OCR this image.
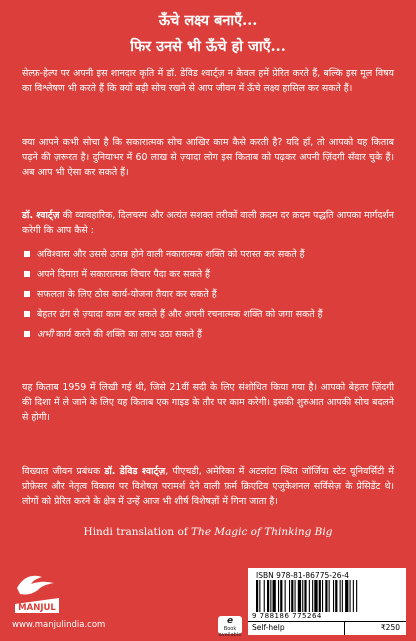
ऊँचे लक्ष्य बनाएँ...
फिर उनसे भी ऊँचे हो जाएँ...

सेल्फ़-हेल्प पर अपनी इस शानदार कृति में डॉ. डेविड श्वार्ट्ज़ न केवल हमें प्रेरित करते हैं, बल्कि इस मूल विषय का विश्लेषण भी करते हैं कि क्यों बड़ी सोच रखने से आप जीवन में ऊँचे लक्ष्य हासिल कर सकते हैं।

क्या आपने कभी सोचा है कि सकारात्मक सोच आखिर काम कैसे करती है? यदि हाँ, तो आपको यह किताब पढ़ने की ज़रूरत है। दुनियाभर में 60 लाख से ज़्यादा लोग इस किताब को पढ़कर अपनी ज़िंदगी सँवार चुके हैं। अब आप भी ऐसा कर सकते हैं।

डॉ. श्वार्ट्ज़ की व्यावहारिक, दिलचस्प और अत्यंत सशक्त तरीकों वाली क़दम दर क़दम पद्धति आपका मार्गदर्शन करेगी कि आप कैसे :

अविश्वास और उससे उत्पन्न होने वाली नकारात्मक शक्ति को परास्त कर सकते हैं
अपने दिमाग़ में सकारात्मक विचार पैदा कर सकते हैं
सफलता के लिए ठोस कार्य-योजना तैयार कर सकते हैं
बेहतर ढंग से ज़्यादा काम कर सकते हैं और अपनी रचनात्मक शक्ति को जगा सकते हैं
अभी कार्य करने की शक्ति का लाभ उठा सकते हैं

यह किताब 1959 में लिखी गई थी, जिसे 21वीं सदी के लिए संशोधित किया गया है। आपको बेहतर ज़िंदगी की दिशा में ले जाने के लिए यह किताब एक गाइड के तौर पर काम करेगी। इसकी शुरुआत आपकी सोच बदलने से होगी।

विख्यात जीवन प्रबंधक डॉ. डेविड श्वार्ट्ज़, पीएचडी, अमेरिका में अटलांटा स्थित जॉर्जिया स्टेट यूनिवर्सिटी में प्रोफ़ेसर और नेतृत्व विकास पर विशेषज्ञ परामर्श देने वाली फ़र्म क्रिएटिव एजुकेशनल सर्विसेज़ के प्रेसिडेंट थे। लोगों को प्रेरित करने के क्षेत्र में उन्हें आज भी शीर्ष विशेषज्ञों में गिना जाता है।

Hindi translation of The Magic of Thinking Big
MANJUL
www.manjulindia.com	e
Book
available
ISBN 978-81-86775-26-4
9 788186 775264
Self-help	₹250
